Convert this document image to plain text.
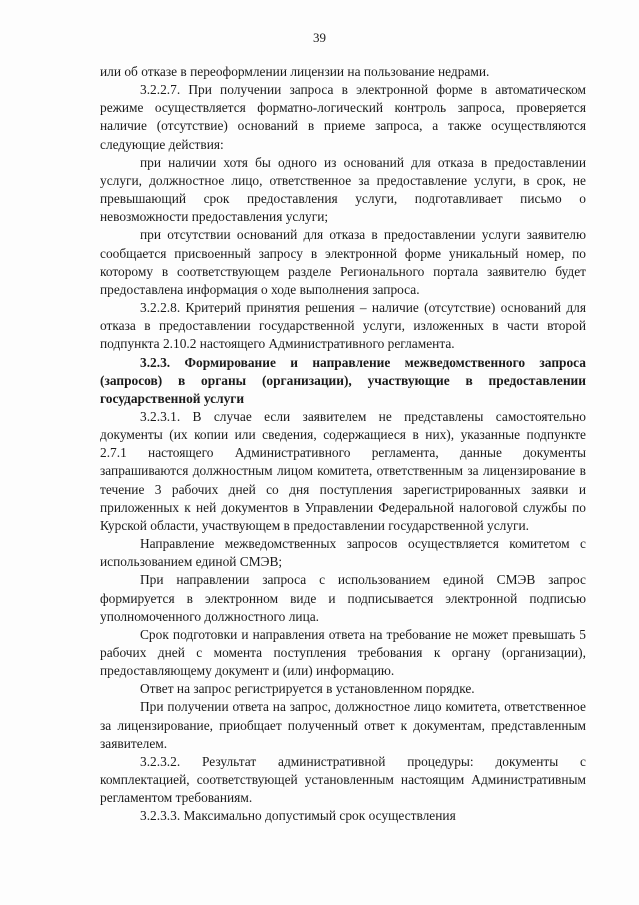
39

или об отказе в переоформлении лицензии на пользование недрами.

3.2.2.7. При получении запроса в электронной форме в автоматическом режиме осуществляется форматно-логический контроль запроса, проверяется наличие (отсутствие) оснований в приеме запроса, а также осуществляются следующие действия:

при наличии хотя бы одного из оснований для отказа в предоставлении услуги, должностное лицо, ответственное за предоставление услуги, в срок, не превышающий срок предоставления услуги, подготавливает письмо о невозможности предоставления услуги;

при отсутствии оснований для отказа в предоставлении услуги заявителю сообщается присвоенный запросу в электронной форме уникальный номер, по которому в соответствующем разделе Регионального портала заявителю будет предоставлена информация о ходе выполнения запроса.

3.2.2.8. Критерий принятия решения – наличие (отсутствие) оснований для отказа в предоставлении государственной услуги, изложенных в части второй подпункта 2.10.2 настоящего Административного регламента.

3.2.3. Формирование и направление межведомственного запроса (запросов) в органы (организации), участвующие в предоставлении государственной услуги

3.2.3.1. В случае если заявителем не представлены самостоятельно документы (их копии или сведения, содержащиеся в них), указанные подпункте 2.7.1 настоящего Административного регламента, данные документы запрашиваются должностным лицом комитета, ответственным за лицензирование в течение 3 рабочих дней со дня поступления зарегистрированных заявки и приложенных к ней документов в Управлении Федеральной налоговой службы по Курской области, участвующем в предоставлении государственной услуги.

Направление межведомственных запросов осуществляется комитетом с использованием единой СМЭВ;

При направлении запроса с использованием единой СМЭВ запрос формируется в электронном виде и подписывается электронной подписью уполномоченного должностного лица.

Срок подготовки и направления ответа на требование не может превышать 5 рабочих дней с момента поступления требования к органу (организации), предоставляющему документ и (или) информацию.

Ответ на запрос регистрируется в установленном порядке.

При получении ответа на запрос, должностное лицо комитета, ответственное за лицензирование, приобщает полученный ответ к документам, представленным заявителем.

3.2.3.2. Результат административной процедуры: документы с комплектацией, соответствующей установленным настоящим Административным регламентом требованиям.

3.2.3.3. Максимально допустимый срок осуществления
